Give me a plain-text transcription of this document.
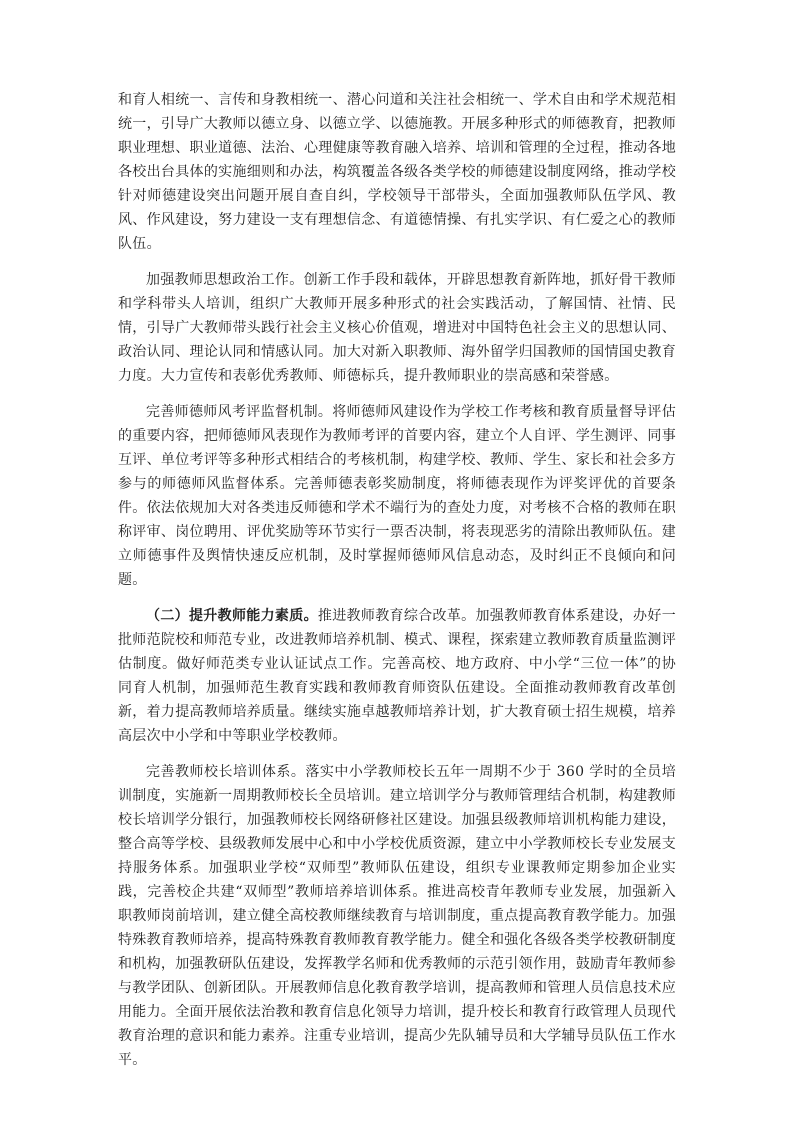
和育人相统一、言传和身教相统一、潜心问道和关注社会相统一、学术自由和学术规范相统一，引导广大教师以德立身、以德立学、以德施教。开展多种形式的师德教育，把教师职业理想、职业道德、法治、心理健康等教育融入培养、培训和管理的全过程，推动各地各校出台具体的实施细则和办法，构筑覆盖各级各类学校的师德建设制度网络，推动学校针对师德建设突出问题开展自查自纠，学校领导干部带头，全面加强教师队伍学风、教风、作风建设，努力建设一支有理想信念、有道德情操、有扎实学识、有仁爱之心的教师队伍。

加强教师思想政治工作。创新工作手段和载体，开辟思想教育新阵地，抓好骨干教师和学科带头人培训，组织广大教师开展多种形式的社会实践活动，了解国情、社情、民情，引导广大教师带头践行社会主义核心价值观，增进对中国特色社会主义的思想认同、政治认同、理论认同和情感认同。加大对新入职教师、海外留学归国教师的国情国史教育力度。大力宣传和表彰优秀教师、师德标兵，提升教师职业的崇高感和荣誉感。

完善师德师风考评监督机制。将师德师风建设作为学校工作考核和教育质量督导评估的重要内容，把师德师风表现作为教师考评的首要内容，建立个人自评、学生测评、同事互评、单位考评等多种形式相结合的考核机制，构建学校、教师、学生、家长和社会多方参与的师德师风监督体系。完善师德表彰奖励制度，将师德表现作为评奖评优的首要条件。依法依规加大对各类违反师德和学术不端行为的查处力度，对考核不合格的教师在职称评审、岗位聘用、评优奖励等环节实行一票否决制，将表现恶劣的清除出教师队伍。建立师德事件及舆情快速反应机制，及时掌握师德师风信息动态，及时纠正不良倾向和问题。

（二）提升教师能力素质。推进教师教育综合改革。加强教师教育体系建设，办好一批师范院校和师范专业，改进教师培养机制、模式、课程，探索建立教师教育质量监测评估制度。做好师范类专业认证试点工作。完善高校、地方政府、中小学“三位一体”的协同育人机制，加强师范生教育实践和教师教育师资队伍建设。全面推动教师教育改革创新，着力提高教师培养质量。继续实施卓越教师培养计划，扩大教育硕士招生规模，培养高层次中小学和中等职业学校教师。

完善教师校长培训体系。落实中小学教师校长五年一周期不少于 360 学时的全员培训制度，实施新一周期教师校长全员培训。建立培训学分与教师管理结合机制，构建教师校长培训学分银行，加强教师校长网络研修社区建设。加强县级教师培训机构能力建设，整合高等学校、县级教师发展中心和中小学校优质资源，建立中小学教师校长专业发展支持服务体系。加强职业学校“双师型”教师队伍建设，组织专业课教师定期参加企业实践，完善校企共建“双师型”教师培养培训体系。推进高校青年教师专业发展，加强新入职教师岗前培训，建立健全高校教师继续教育与培训制度，重点提高教育教学能力。加强特殊教育教师培养，提高特殊教育教师教育教学能力。健全和强化各级各类学校教研制度和机构，加强教研队伍建设，发挥教学名师和优秀教师的示范引领作用，鼓励青年教师参与教学团队、创新团队。开展教师信息化教育教学培训，提高教师和管理人员信息技术应用能力。全面开展依法治教和教育信息化领导力培训，提升校长和教育行政管理人员现代教育治理的意识和能力素养。注重专业培训，提高少先队辅导员和大学辅导员队伍工作水平。
